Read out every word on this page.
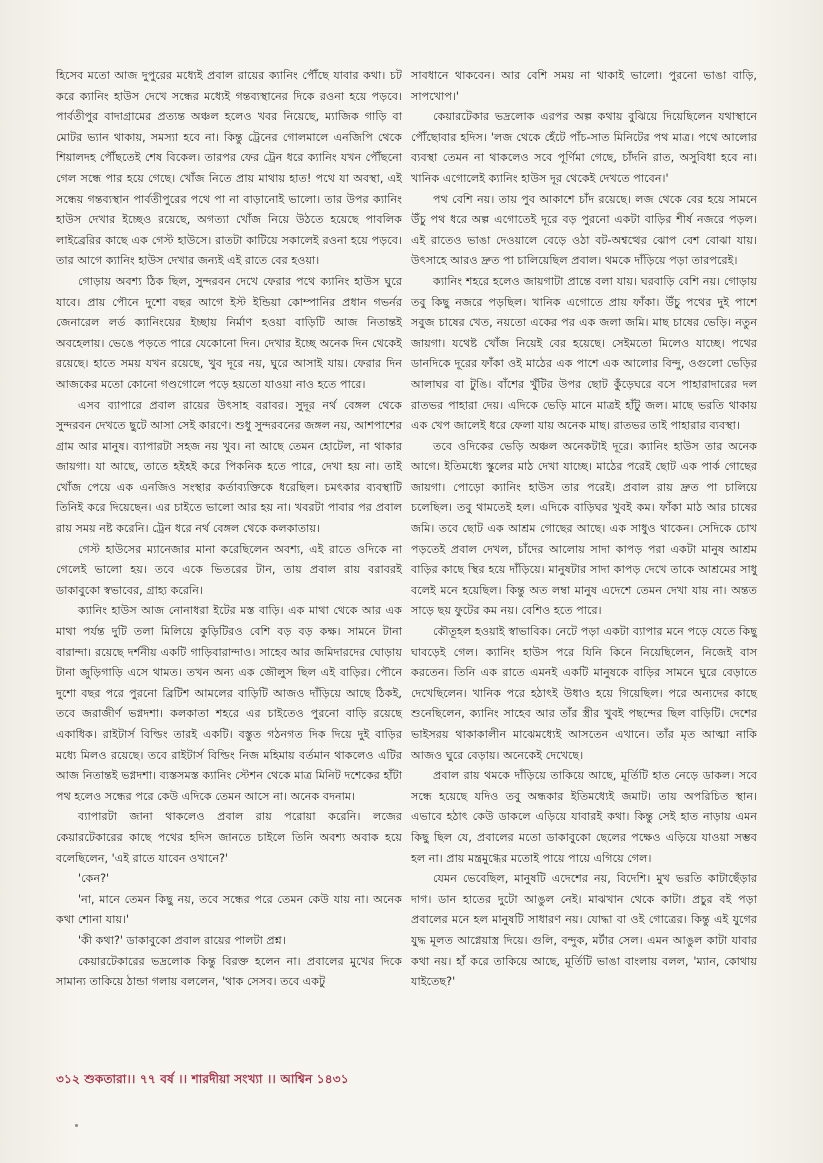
হিসেব মতো আজ দুপুরের মধ্যেই প্রবাল রায়ের ক্যানিং পৌঁছে যাবার কথা। চট করে ক্যানিং হাউস দেখে সন্ধের মধ্যেই গন্তব্যস্থানের দিকে রওনা হয়ে পড়বে। পার্বতীপুর বাদাগ্রামের প্রত্যন্ত অঞ্চল হলেও খবর নিয়েছে, ম্যাজিক গাড়ি বা মোটর ভ্যান থাকায়, সমস্যা হবে না। কিন্তু ট্রেনের গোলমালে এনজিপি থেকে শিয়ালদহ পৌঁছতেই শেষ বিকেল। তারপর ফের ট্রেন ধরে ক্যানিং যখন পৌঁছনো গেল সন্ধে পার হয়ে গেছে। খোঁজ নিতে প্রায় মাথায় হাত! পথে যা অবস্থা, এই সন্ধেয় গন্তব্যস্থান পার্বতীপুরের পথে পা না বাড়ানোই ভালো। তার উপর ক্যানিং হাউস দেখার ইচ্ছেও রয়েছে, অগত্যা খোঁজ নিয়ে উঠতে হয়েছে পাবলিক লাইব্রেরির কাছে এক গেস্ট হাউসে। রাতটা কাটিয়ে সকালেই রওনা হয়ে পড়বে। তার আগে ক্যানিং হাউস দেখার জন্যই এই রাতে বের হওয়া।

গোড়ায় অবশ্য ঠিক ছিল, সুন্দরবন দেখে ফেরার পথে ক্যানিং হাউস ঘুরে যাবে। প্রায় পৌনে দুশো বছর আগে ইস্ট ইন্ডিয়া কোম্পানির প্রধান গভর্নর জেনারেল লর্ড ক্যানিংয়ের ইচ্ছায় নির্মাণ হওয়া বাড়িটি আজ নিতান্তই অবহেলায়। ভেঙে পড়তে পারে যেকোনো দিন। দেখার ইচ্ছে অনেক দিন থেকেই রয়েছে। হাতে সময় যখন রয়েছে, খুব দূরে নয়, ঘুরে আসাই যায়। ফেরার দিন আজকের মতো কোনো গণ্ডগোলে পড়ে হয়তো যাওয়া নাও হতে পারে।

এসব ব্যাপারে প্রবাল রায়ের উৎসাহ বরাবর। সুদূর নর্থ বেঙ্গল থেকে সুন্দরবন দেখতে ছুটে আসা সেই কারণে। শুধু সুন্দরবনের জঙ্গল নয়, আশপাশের গ্রাম আর মানুষ। ব্যাপারটা সহজ নয় খুব। না আছে তেমন হোটেল, না থাকার জায়গা। যা আছে, তাতে হইহই করে পিকনিক হতে পারে, দেখা হয় না। তাই খোঁজ পেয়ে এক এনজিও সংস্থার কর্তাব্যক্তিকে ধরেছিল। চমৎকার ব্যবস্থাটি তিনিই করে দিয়েছেন। এর চাইতে ভালো আর হয় না। খবরটা পাবার পর প্রবাল রায় সময় নষ্ট করেনি। ট্রেন ধরে নর্থ বেঙ্গল থেকে কলকাতায়।

গেস্ট হাউসের ম্যানেজার মানা করেছিলেন অবশ্য, এই রাতে ওদিকে না গেলেই ভালো হয়। তবে একে ভিতরের টান, তায় প্রবাল রায় বরাবরই ডাকাবুকো স্বভাবের, গ্রাহ্য করেনি।

ক্যানিং হাউস আজ নোনাধরা ইটের মস্ত বাড়ি। এক মাথা থেকে আর এক মাথা পর্যন্ত দুটি তলা মিলিয়ে কুড়িটিরও বেশি বড় বড় কক্ষ। সামনে টানা বারান্দা। রয়েছে দর্শনীয় একটি গাড়িবারান্দাও। সাহেব আর জমিদারদের ঘোড়ায় টানা জুড়িগাড়ি এসে থামত। তখন অন্য এক জৌলুস ছিল এই বাড়ির। পৌনে দুশো বছর পরে পুরনো ব্রিটিশ আমলের বাড়িটি আজও দাঁড়িয়ে আছে ঠিকই, তবে জরাজীর্ণ ভগ্নদশা। কলকাতা শহরে এর চাইতেও পুরনো বাড়ি রয়েছে একাধিক। রাইটার্স বিল্ডিং তারই একটি। বস্তুত গঠনগত দিক দিয়ে দুই বাড়ির মধ্যে মিলও রয়েছে। তবে রাইটার্স বিল্ডিং নিজ মহিমায় বর্তমান থাকলেও এটির আজ নিতান্তই ভগ্নদশা। ব্যস্তসমস্ত ক্যানিং স্টেশন থেকে মাত্র মিনিট দশেকের হাঁটা পথ হলেও সন্ধের পরে কেউ এদিকে তেমন আসে না। অনেক বদনাম।

ব্যাপারটা জানা থাকলেও প্রবাল রায় পরোয়া করেনি। লজের কেয়ারটেকারের কাছে পথের হদিস জানতে চাইলে তিনি অবশ্য অবাক হয়ে বলেছিলেন, 'এই রাতে যাবেন ওখানে?'

'কেন?'

'না, মানে তেমন কিছু নয়, তবে সন্ধের পরে তেমন কেউ যায় না। অনেক কথা শোনা যায়।'

'কী কথা?' ডাকাবুকো প্রবাল রায়ের পালটা প্রশ্ন।

কেয়ারটেকারের ভদ্রলোক কিন্তু বিরক্ত হলেন না। প্রবালের মুখের দিকে সামান্য তাকিয়ে ঠান্ডা গলায় বললেন, 'থাক সেসব। তবে একটু

সাবধানে থাকবেন। আর বেশি সময় না থাকাই ভালো। পুরনো ভাঙা বাড়ি, সাপখোপ।'

কেয়ারটেকার ভদ্রলোক এরপর অল্প কথায় বুঝিয়ে দিয়েছিলেন যথাস্থানে পৌঁছোবার হদিস। 'লজ থেকে হেঁটে পাঁচ-সাত মিনিটের পথ মাত্র। পথে আলোর ব্যবস্থা তেমন না থাকলেও সবে পূর্ণিমা গেছে, চাঁদনি রাত, অসুবিধা হবে না। খানিক এগোলেই ক্যানিং হাউস দূর থেকেই দেখতে পাবেন।'

পথ বেশি নয়। তায় পুব আকাশে চাঁদ রয়েছে। লজ থেকে বের হয়ে সামনে উঁচু পথ ধরে অল্প এগোতেই দূরে বড় পুরনো একটা বাড়ির শীর্ষ নজরে পড়ল। এই রাতেও ভাঙা দেওয়ালে বেড়ে ওঠা বট-অশ্বত্থের ঝোপ বেশ বোঝা যায়। উৎসাহে আরও দ্রুত পা চালিয়েছিল প্রবাল। থমকে দাঁড়িয়ে পড়া তারপরেই।

ক্যানিং শহরে হলেও জায়গাটা প্রান্তে বলা যায়। ঘরবাড়ি বেশি নয়। গোড়ায় তবু কিছু নজরে পড়ছিল। খানিক এগোতে প্রায় ফাঁকা। উঁচু পথের দুই পাশে সবুজ চাষের খেত, নয়তো একের পর এক জলা জমি। মাছ চাষের ভেড়ি। নতুন জায়গা। যথেষ্ট খোঁজ নিয়েই বের হয়েছে। সেইমতো মিলেও যাচ্ছে। পথের ডানদিকে দূরের ফাঁকা ওই মাঠের এক পাশে এক আলোর বিন্দু, ওগুলো ভেড়ির আলাঘর বা টুঙি। বাঁশের খুঁটির উপর ছোট কুঁড়েঘরে বসে পাহারাদারের দল রাতভর পাহারা দেয়। এদিকে ভেড়ি মানে মাত্রই হাঁটু জল। মাছে ভরতি থাকায় এক খেপ জালেই ধরে ফেলা যায় অনেক মাছ। রাতভর তাই পাহারার ব্যবস্থা।

তবে ওদিকের ভেড়ি অঞ্চল অনেকটাই দূরে। ক্যানিং হাউস তার অনেক আগে। ইতিমধ্যে স্কুলের মাঠ দেখা যাচ্ছে। মাঠের পরেই ছোট এক পার্ক গোছের জায়গা। পোড়ো ক্যানিং হাউস তার পরেই। প্রবাল রায় দ্রুত পা চালিয়ে চলেছিল। তবু থামতেই হল। এদিকে বাড়িঘর খুবই কম। ফাঁকা মাঠ আর চাষের জমি। তবে ছোট এক আশ্রম গোছের আছে। এক সাধুও থাকেন। সেদিকে চোখ পড়তেই প্রবাল দেখল, চাঁদের আলোয় সাদা কাপড় পরা একটা মানুষ আশ্রম বাড়ির কাছে স্থির হয়ে দাঁড়িয়ে। মানুষটার সাদা কাপড় দেখে তাকে আশ্রমের সাধু বলেই মনে হয়েছিল। কিন্তু অত লম্বা মানুষ এদেশে তেমন দেখা যায় না। অন্তত সাড়ে ছয় ফুটের কম নয়। বেশিও হতে পারে।

কৌতূহল হওয়াই স্বাভাবিক। নেটে পড়া একটা ব্যাপার মনে পড়ে যেতে কিছু ঘাবড়েই গেল। ক্যানিং হাউস পরে যিনি কিনে নিয়েছিলেন, নিজেই বাস করতেন। তিনি এক রাতে এমনই একটি মানুষকে বাড়ির সামনে ঘুরে বেড়াতে দেখেছিলেন। খানিক পরে হঠাৎই উধাও হয়ে গিয়েছিল। পরে অন্যদের কাছে শুনেছিলেন, ক্যানিং সাহেব আর তাঁর স্ত্রীর খুবই পছন্দের ছিল বাড়িটি। দেশের ভাইসরয় থাকাকালীন মাঝেমধ্যেই আসতেন এখানে। তাঁর মৃত আত্মা নাকি আজও ঘুরে বেড়ায়। অনেকেই দেখেছে।

প্রবাল রায় থমকে দাঁড়িয়ে তাকিয়ে আছে, মূর্তিটি হাত নেড়ে ডাকল। সবে সন্ধে হয়েছে যদিও তবু অন্ধকার ইতিমধ্যেই জমাট। তায় অপরিচিত স্থান। এভাবে হঠাৎ কেউ ডাকলে এড়িয়ে যাবারই কথা। কিন্তু সেই হাত নাড়ায় এমন কিছু ছিল যে, প্রবালের মতো ডাকাবুকো ছেলের পক্ষেও এড়িয়ে যাওয়া সম্ভব হল না। প্রায় মন্ত্রমুগ্ধের মতোই পায়ে পায়ে এগিয়ে গেল।

যেমন ভেবেছিল, মানুষটি এদেশের নয়, বিদেশি। মুখ ভরতি কাটাছেঁড়ার দাগ। ডান হাতের দুটো আঙুল নেই। মাঝখান থেকে কাটা। প্রচুর বই পড়া প্রবালের মনে হল মানুষটি সাধারণ নয়। যোদ্ধা বা ওই গোত্রের। কিন্তু এই যুগের যুদ্ধ মূলত আগ্নেয়াস্ত্র দিয়ে। গুলি, বন্দুক, মর্টার সেল। এমন আঙুল কাটা যাবার কথা নয়। হাঁ করে তাকিয়ে আছে, মূর্তিটি ভাঙা বাংলায় বলল, 'ম্যান, কোথায় যাইতেছ?'

৩১২ শুকতারা।। ৭৭ বর্ষ ।। শারদীয়া সংখ্যা ।। আশ্বিন ১৪৩১
